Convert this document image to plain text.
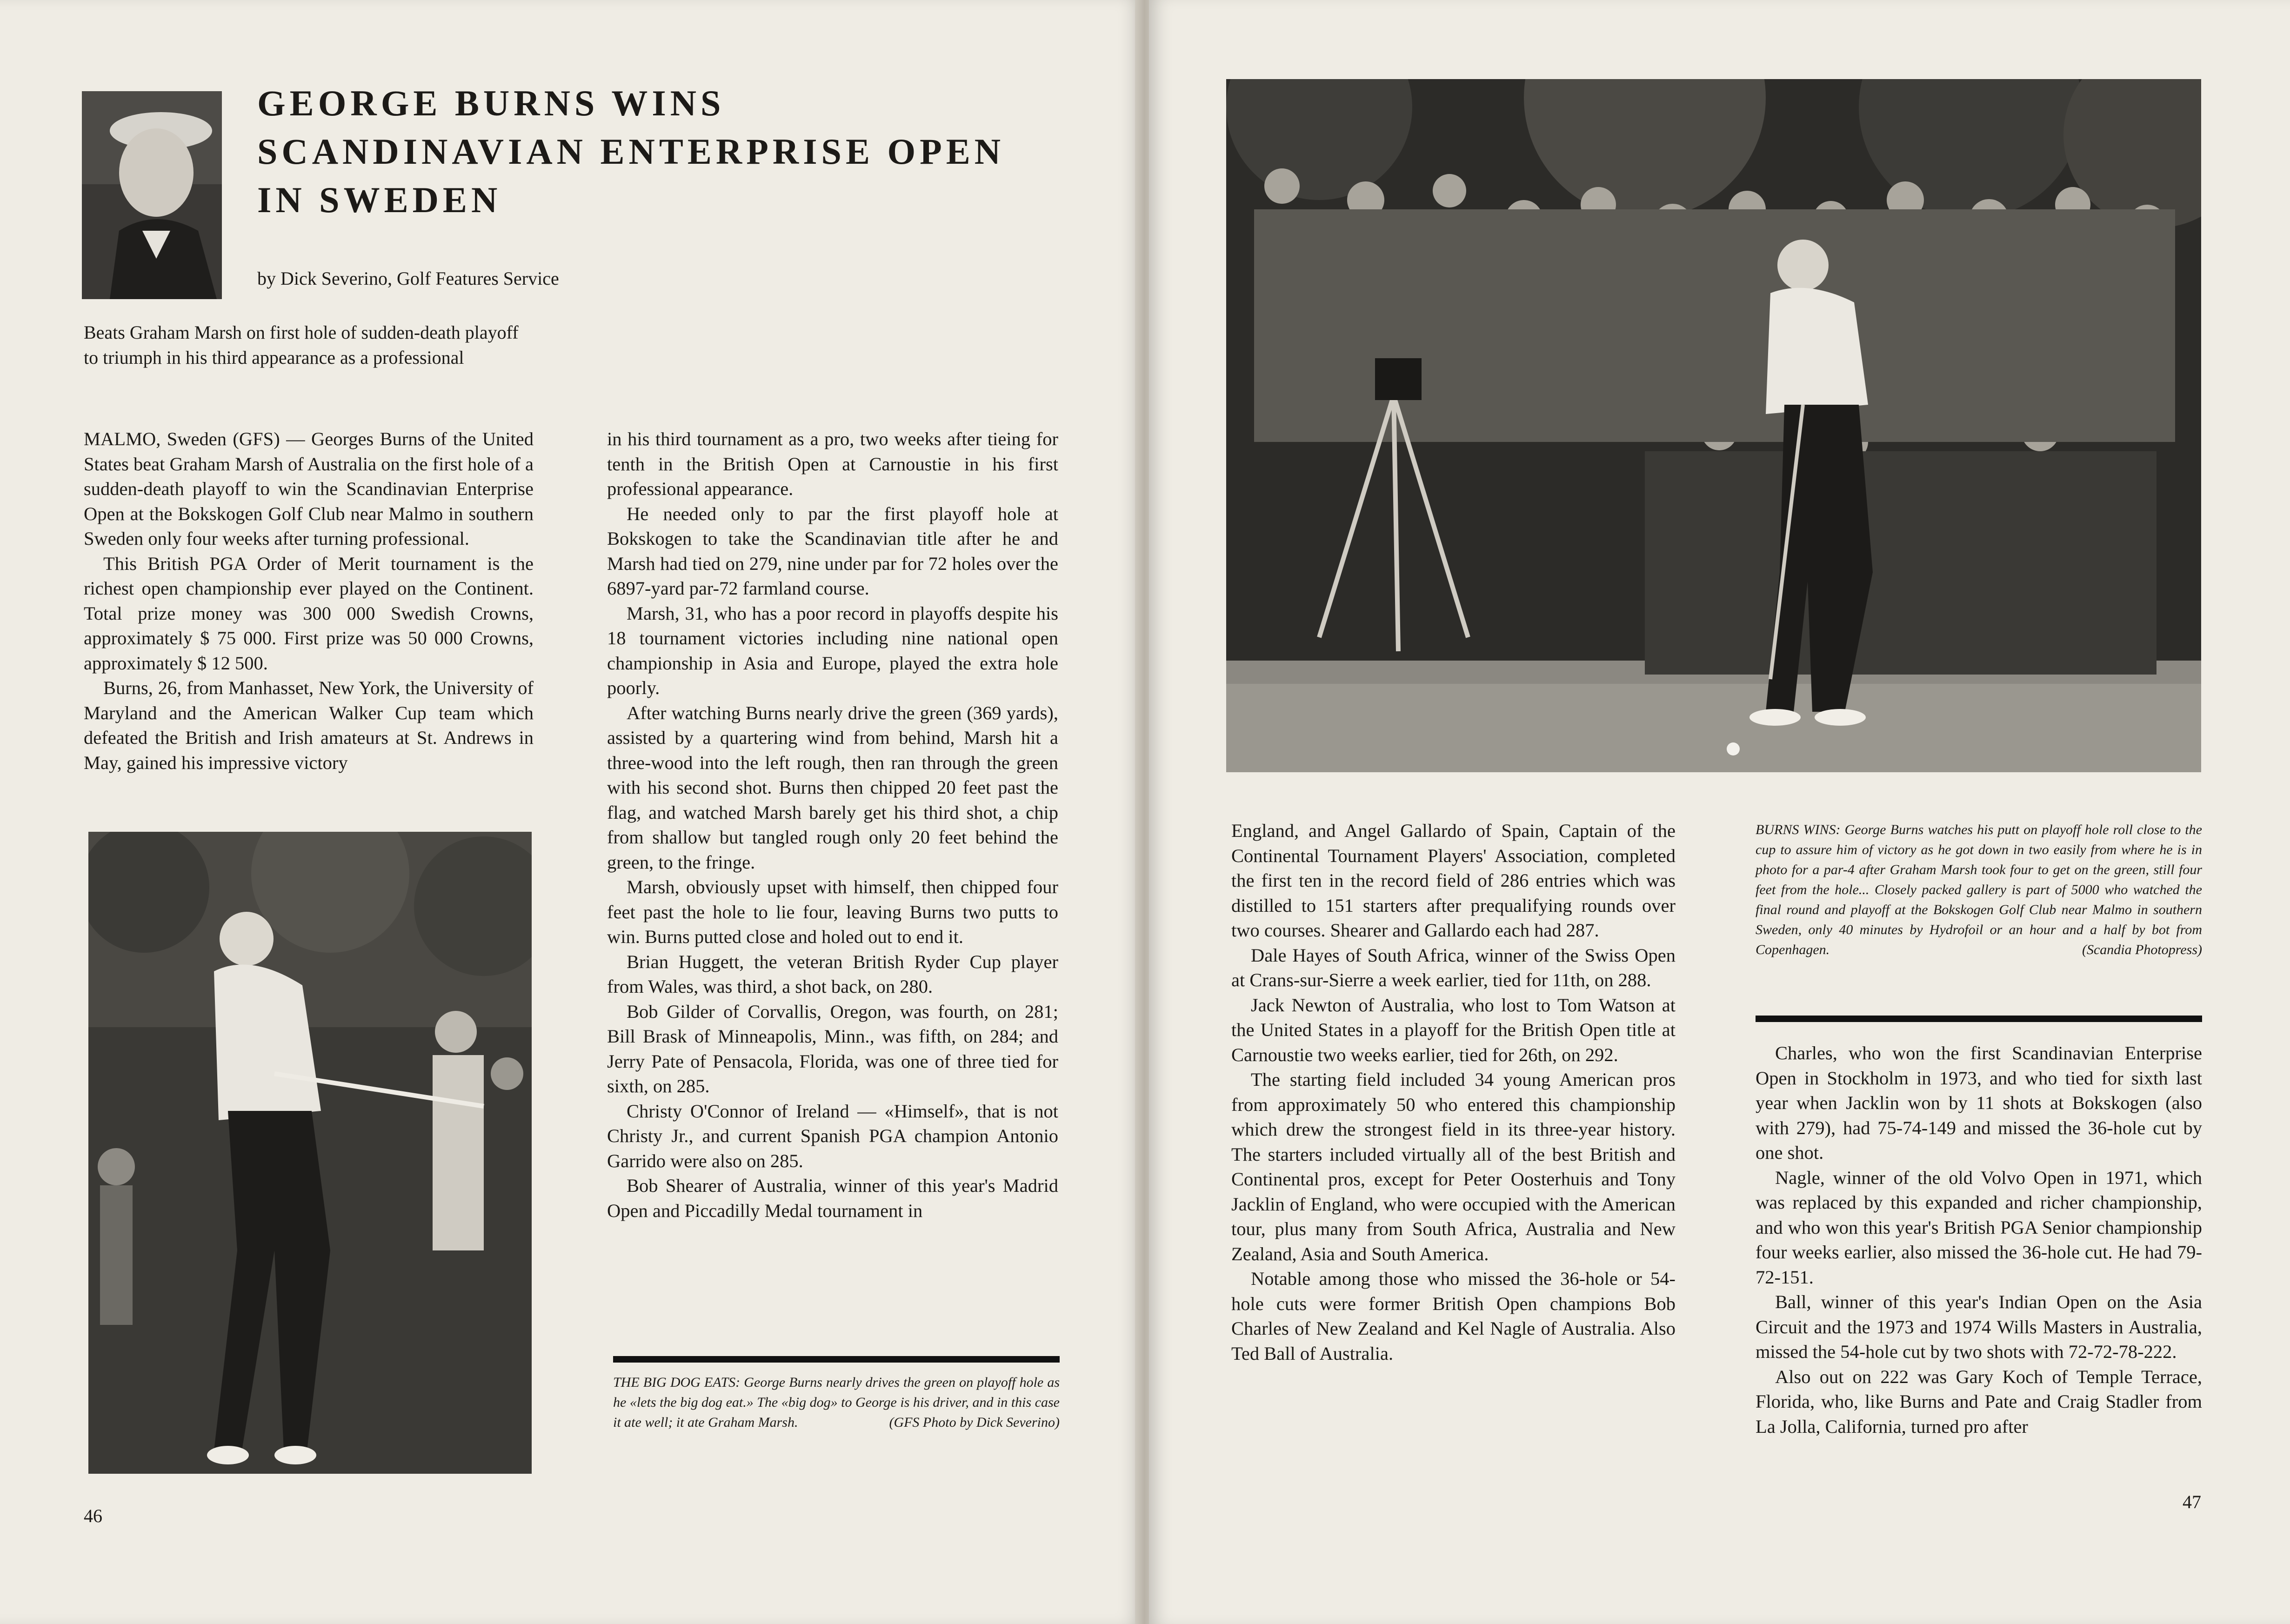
GEORGE BURNS WINS
SCANDINAVIAN ENTERPRISE OPEN
IN SWEDEN
by Dick Severino, Golf Features Service
Beats Graham Marsh on first hole of sudden-death playoff
to triumph in his third appearance as a professional

MALMO, Sweden (GFS) — Georges Burns of the United States beat Graham Marsh of Australia on the first hole of a sudden-death playoff to win the Scandinavian Enterprise Open at the Bokskogen Golf Club near Malmo in southern Sweden only four weeks after turning professional.

This British PGA Order of Merit tournament is the richest open championship ever played on the Continent. Total prize money was 300 000 Swedish Crowns, approximately $ 75 000. First prize was 50 000 Crowns, approximately $ 12 500.

Burns, 26, from Manhasset, New York, the University of Maryland and the American Walker Cup team which defeated the British and Irish amateurs at St. Andrews in May, gained his impressive victory

in his third tournament as a pro, two weeks after tieing for tenth in the British Open at Carnoustie in his first professional appearance.

He needed only to par the first playoff hole at Bokskogen to take the Scandinavian title after he and Marsh had tied on 279, nine under par for 72 holes over the 6897-yard par-72 farmland course.

Marsh, 31, who has a poor record in playoffs despite his 18 tournament victories including nine national open championship in Asia and Europe, played the extra hole poorly.

After watching Burns nearly drive the green (369 yards), assisted by a quartering wind from behind, Marsh hit a three-wood into the left rough, then ran through the green with his second shot. Burns then chipped 20 feet past the flag, and watched Marsh barely get his third shot, a chip from shallow but tangled rough only 20 feet behind the green, to the fringe.

Marsh, obviously upset with himself, then chipped four feet past the hole to lie four, leaving Burns two putts to win. Burns putted close and holed out to end it.

Brian Huggett, the veteran British Ryder Cup player from Wales, was third, a shot back, on 280.

Bob Gilder of Corvallis, Oregon, was fourth, on 281; Bill Brask of Minneapolis, Minn., was fifth, on 284; and Jerry Pate of Pensacola, Florida, was one of three tied for sixth, on 285.

Christy O'Connor of Ireland — «Himself», that is not Christy Jr., and current Spanish PGA champion Antonio Garrido were also on 285.

Bob Shearer of Australia, winner of this year's Madrid Open and Piccadilly Medal tournament in

THE BIG DOG EATS: George Burns nearly drives the green on playoff hole as he «lets the big dog eat.» The «big dog» to George is his driver, and in this case it ate well; it ate Graham Marsh.	(GFS Photo by Dick Severino)
46

England, and Angel Gallardo of Spain, Captain of the Continental Tournament Players' Association, completed the first ten in the record field of 286 entries which was distilled to 151 starters after prequalifying rounds over two courses. Shearer and Gallardo each had 287.

Dale Hayes of South Africa, winner of the Swiss Open at Crans-sur-Sierre a week earlier, tied for 11th, on 288.

Jack Newton of Australia, who lost to Tom Watson at the United States in a playoff for the British Open title at Carnoustie two weeks earlier, tied for 26th, on 292.

The starting field included 34 young American pros from approximately 50 who entered this championship which drew the strongest field in its three-year history. The starters included virtually all of the best British and Continental pros, except for Peter Oosterhuis and Tony Jacklin of England, who were occupied with the American tour, plus many from South Africa, Australia and New Zealand, Asia and South America.

Notable among those who missed the 36-hole or 54-hole cuts were former British Open champions Bob Charles of New Zealand and Kel Nagle of Australia. Also Ted Ball of Australia.

BURNS WINS: George Burns watches his putt on playoff hole roll close to the cup to assure him of victory as he got down in two easily from where he is in photo for a par-4 after Graham Marsh took four to get on the green, still four feet from the hole... Closely packed gallery is part of 5000 who watched the final round and playoff at the Bokskogen Golf Club near Malmo in southern Sweden, only 40 minutes by Hydrofoil or an hour and a half by bot from Copenhagen.	(Scandia Photopress)

Charles, who won the first Scandinavian Enterprise Open in Stockholm in 1973, and who tied for sixth last year when Jacklin won by 11 shots at Bokskogen (also with 279), had 75-74-149 and missed the 36-hole cut by one shot.

Nagle, winner of the old Volvo Open in 1971, which was replaced by this expanded and richer championship, and who won this year's British PGA Senior championship four weeks earlier, also missed the 36-hole cut. He had 79-72-151.

Ball, winner of this year's Indian Open on the Asia Circuit and the 1973 and 1974 Wills Masters in Australia, missed the 54-hole cut by two shots with 72-72-78-222.

Also out on 222 was Gary Koch of Temple Terrace, Florida, who, like Burns and Pate and Craig Stadler from La Jolla, California, turned pro after

47
